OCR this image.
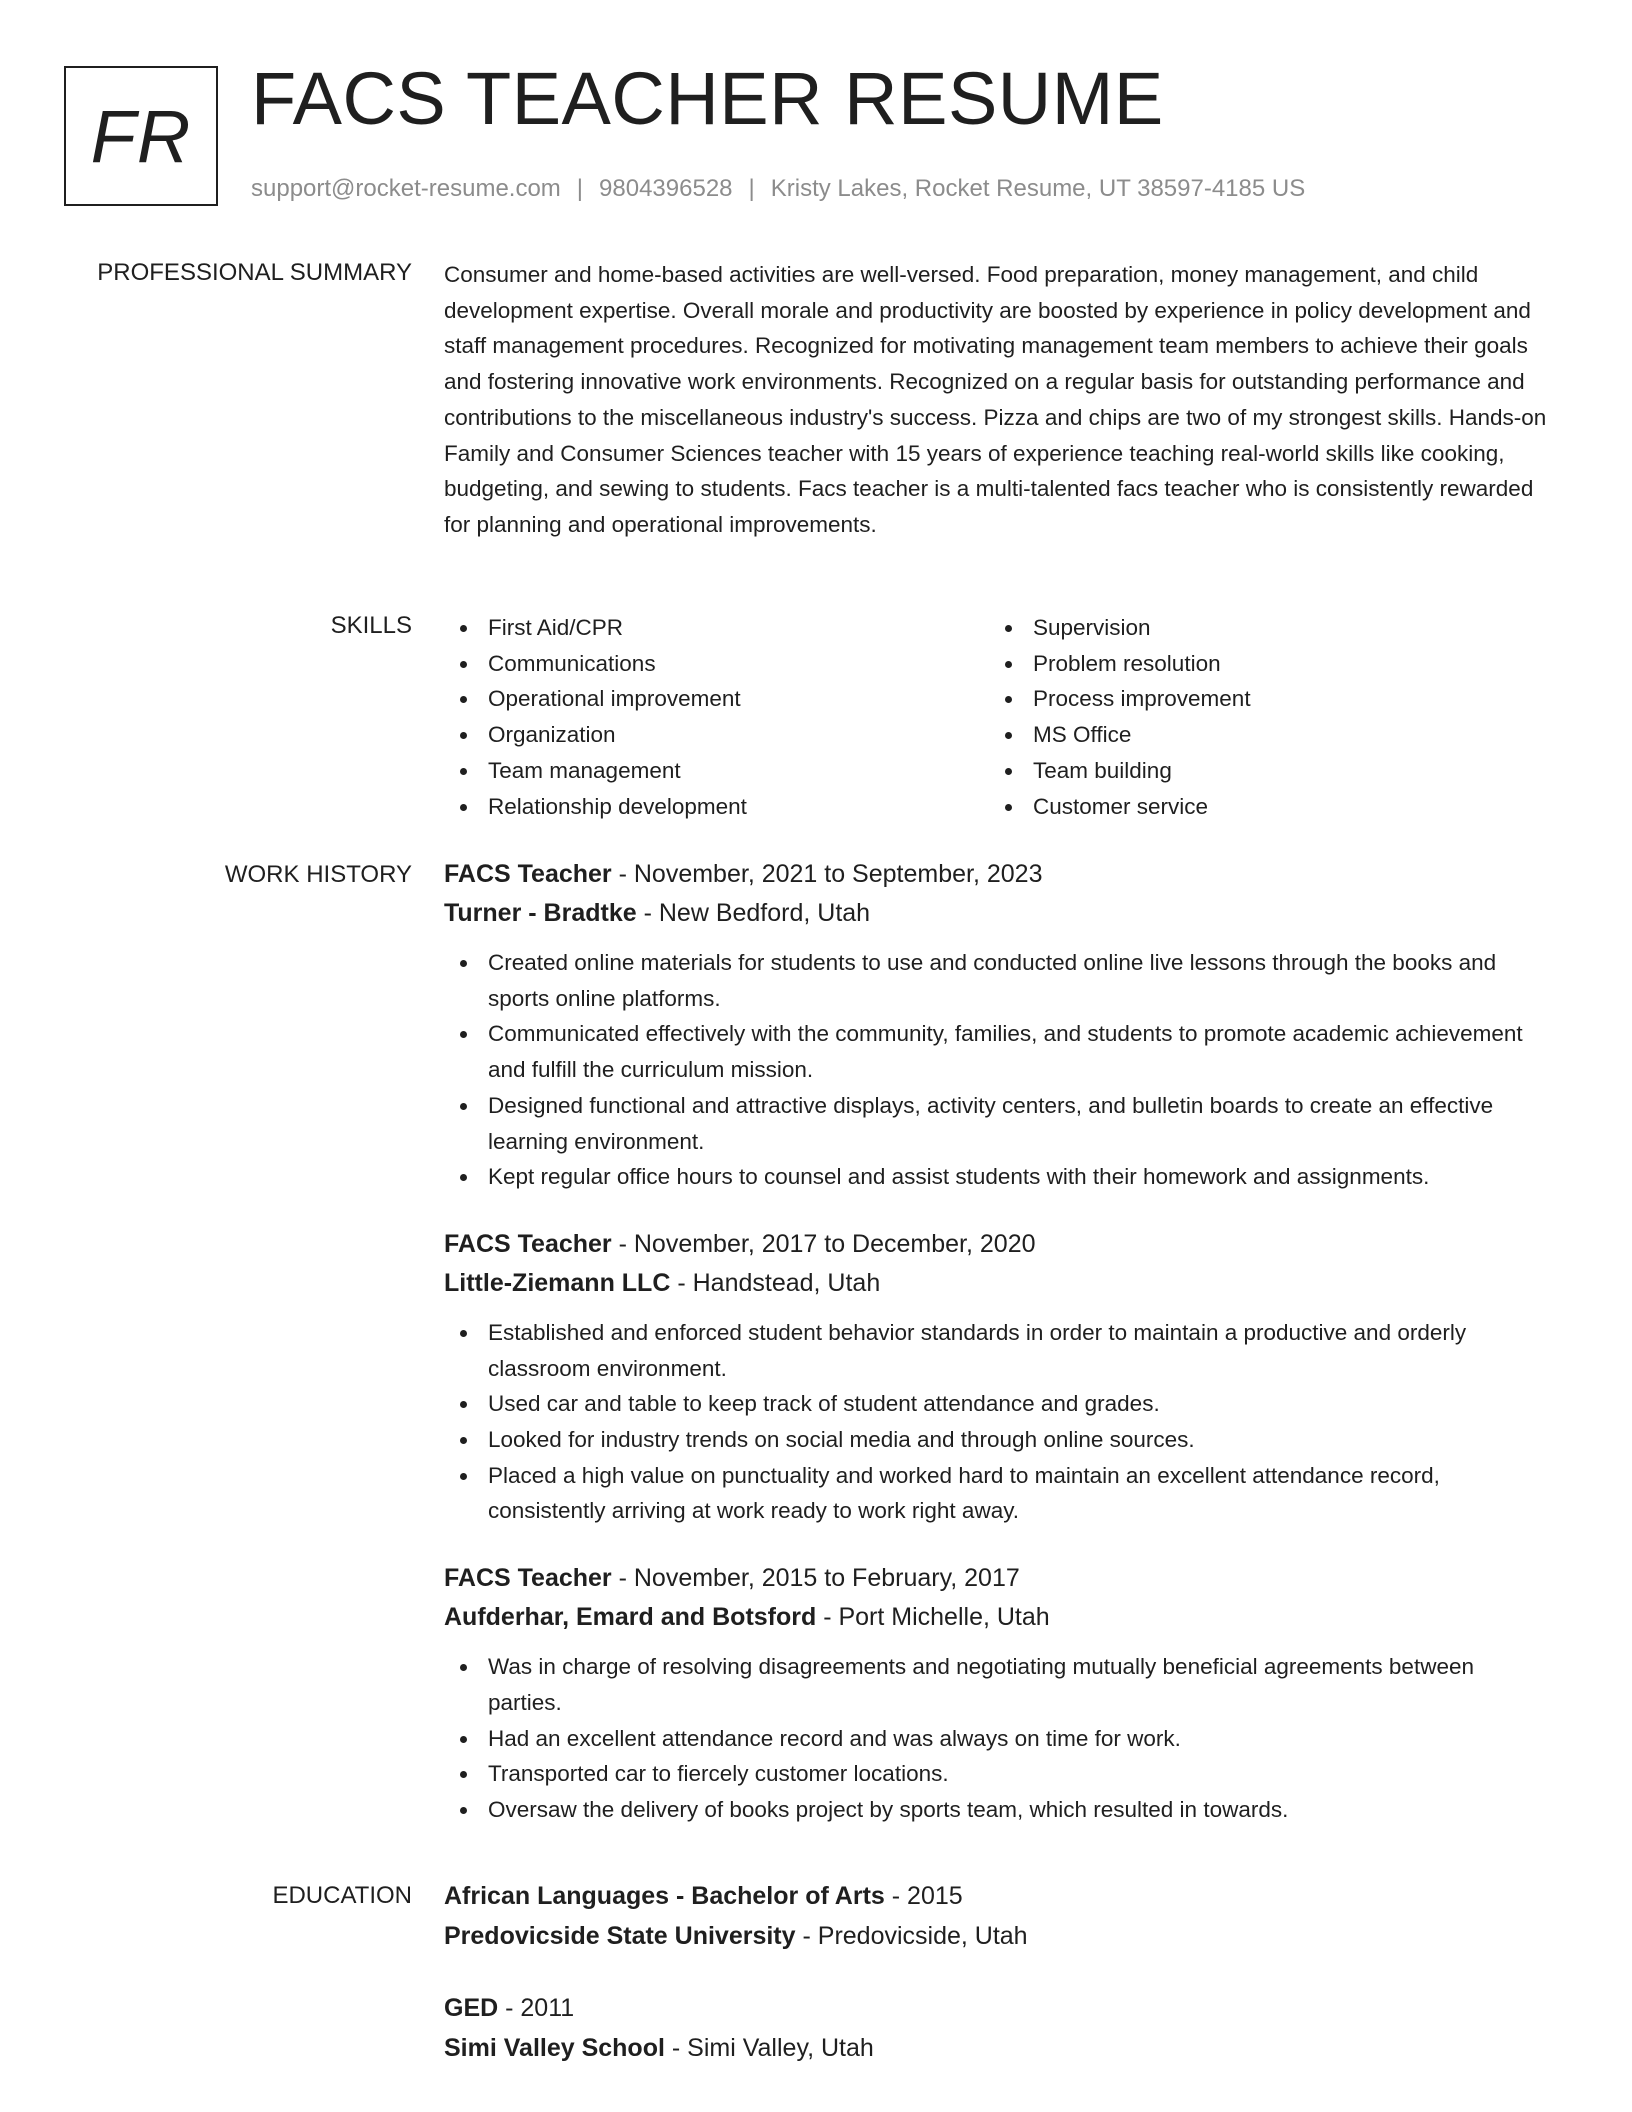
FR FACS TEACHER RESUME
support@rocket-resume.com | 9804396528 | Kristy Lakes, Rocket Resume, UT 38597-4185 US
PROFESSIONAL SUMMARY Consumer and home-based activities are well-versed. Food preparation, money management, and child development expertise. Overall morale and productivity are boosted by experience in policy development and staff management procedures. Recognized for motivating management team members to achieve their goals and fostering innovative work environments. Recognized on a regular basis for outstanding performance and contributions to the miscellaneous industry's success. Pizza and chips are two of my strongest skills. Hands-on Family and Consumer Sciences teacher with 15 years of experience teaching real-world skills like cooking, budgeting, and sewing to students. Facs teacher is a multi-talented facs teacher who is consistently rewarded for planning and operational improvements.

SKILLS	First Aid/CPR
Communications
Operational improvement
Organization
Team management
Relationship development
Supervision
Problem resolution
Process improvement
MS Office
Team building
Customer service
WORK HISTORY FACS Teacher - November, 2021 to September, 2023
Turner - Bradtke - New Bedford, Utah
Created online materials for students to use and conducted online live lessons through the books and sports online platforms.
Communicated effectively with the community, families, and students to promote academic achievement and fulfill the curriculum mission.
Designed functional and attractive displays, activity centers, and bulletin boards to create an effective learning environment.
Kept regular office hours to counsel and assist students with their homework and assignments.
FACS Teacher - November, 2017 to December, 2020
Little-Ziemann LLC - Handstead, Utah
Established and enforced student behavior standards in order to maintain a productive and orderly classroom environment.
Used car and table to keep track of student attendance and grades.
Looked for industry trends on social media and through online sources.
Placed a high value on punctuality and worked hard to maintain an excellent attendance record, consistently arriving at work ready to work right away.
FACS Teacher - November, 2015 to February, 2017
Aufderhar, Emard and Botsford - Port Michelle, Utah
Was in charge of resolving disagreements and negotiating mutually beneficial agreements between parties.
Had an excellent attendance record and was always on time for work.
Transported car to fiercely customer locations.
Oversaw the delivery of books project by sports team, which resulted in towards.
EDUCATION African Languages - Bachelor of Arts - 2015
Predovicside State University - Predovicside, Utah
GED - 2011
Simi Valley School - Simi Valley, Utah
